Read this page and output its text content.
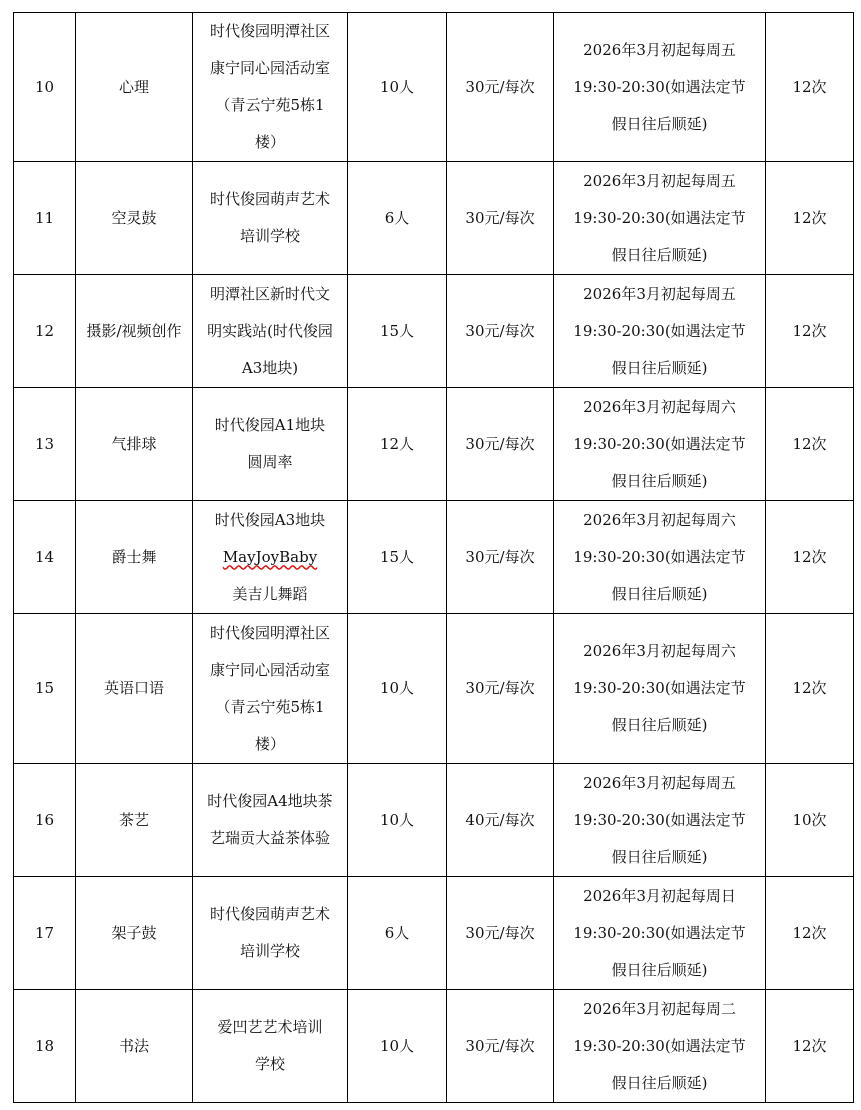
10	心理	时代俊园明潭社区
康宁同心园活动室
（青云宁苑5栋1
楼）	10人	30元/每次	2026年3月初起每周五
19:30-20:30(如遇法定节
假日往后顺延)	12次
11	空灵鼓	时代俊园萌声艺术
培训学校	6人	30元/每次	2026年3月初起每周五
19:30-20:30(如遇法定节
假日往后顺延)	12次
12	摄影/视频创作	明潭社区新时代文
明实践站(时代俊园
A3地块)	15人	30元/每次	2026年3月初起每周五
19:30-20:30(如遇法定节
假日往后顺延)	12次
13	气排球	时代俊园A1地块
圆周率	12人	30元/每次	2026年3月初起每周六
19:30-20:30(如遇法定节
假日往后顺延)	12次
14	爵士舞	时代俊园A3地块
MayJoyBaby
美吉儿舞蹈	15人	30元/每次	2026年3月初起每周六
19:30-20:30(如遇法定节
假日往后顺延)	12次
15	英语口语	时代俊园明潭社区
康宁同心园活动室
（青云宁苑5栋1
楼）	10人	30元/每次	2026年3月初起每周六
19:30-20:30(如遇法定节
假日往后顺延)	12次
16	茶艺	时代俊园A4地块茶
艺瑞贡大益茶体验	10人	40元/每次	2026年3月初起每周五
19:30-20:30(如遇法定节
假日往后顺延)	10次
17	架子鼓	时代俊园萌声艺术
培训学校	6人	30元/每次	2026年3月初起每周日
19:30-20:30(如遇法定节
假日往后顺延)	12次
18	书法	爱凹艺艺术培训
学校	10人	30元/每次	2026年3月初起每周二
19:30-20:30(如遇法定节
假日往后顺延)	12次
